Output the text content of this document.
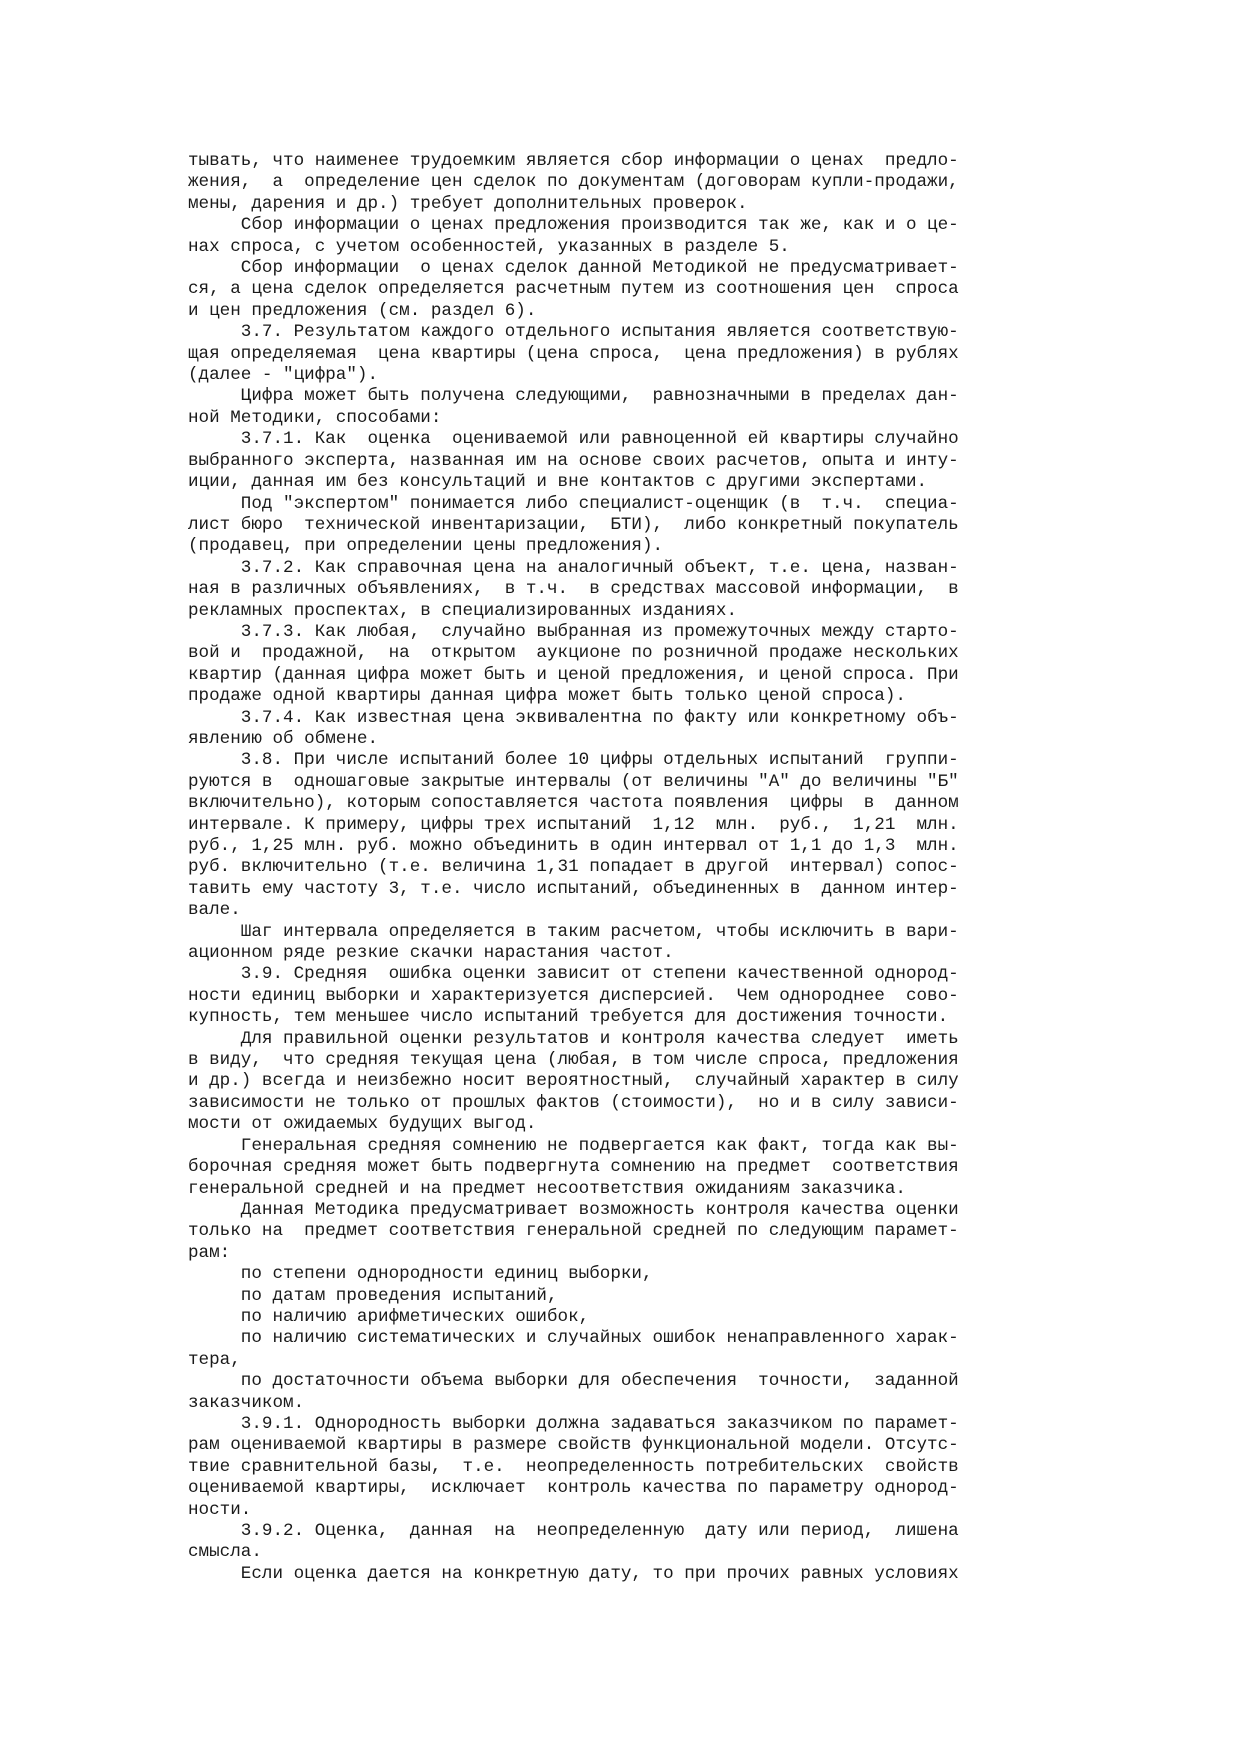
тывать, что наименее трудоемким является сбор информации о ценах  предло-
жения,  а  определение цен сделок по документам (договорам купли-продажи,
мены, дарения и др.) требует дополнительных проверок.
Сбор информации о ценах предложения производится так же, как и о це-
нах спроса, с учетом особенностей, указанных в разделе 5.
Сбор информации  о ценах сделок данной Методикой не предусматривает-
ся, а цена сделок определяется расчетным путем из соотношения цен  спроса
и цен предложения (см. раздел 6).
3.7. Результатом каждого отдельного испытания является соответствую-
щая определяемая  цена квартиры (цена спроса,  цена предложения) в рублях
(далее - "цифра").
Цифра может быть получена следующими,  равнозначными в пределах дан-
ной Методики, способами:
3.7.1. Как  оценка  оцениваемой или равноценной ей квартиры случайно
выбранного эксперта, названная им на основе своих расчетов, опыта и инту-
иции, данная им без консультаций и вне контактов с другими экспертами.
Под "экспертом" понимается либо специалист-оценщик (в  т.ч.  специа-
лист бюро  технической инвентаризации,  БТИ),  либо конкретный покупатель
(продавец, при определении цены предложения).
3.7.2. Как справочная цена на аналогичный объект, т.е. цена, назван-
ная в различных объявлениях,  в т.ч.  в средствах массовой информации,  в
рекламных проспектах, в специализированных изданиях.
3.7.3. Как любая,  случайно выбранная из промежуточных между старто-
вой и  продажной,  на  открытом  аукционе по розничной продаже нескольких
квартир (данная цифра может быть и ценой предложения, и ценой спроса. При
продаже одной квартиры данная цифра может быть только ценой спроса).
3.7.4. Как известная цена эквивалентна по факту или конкретному объ-
явлению об обмене.
3.8. При числе испытаний более 10 цифры отдельных испытаний  группи-
руются в  одношаговые закрытые интервалы (от величины "А" до величины "Б"
включительно), которым сопоставляется частота появления  цифры  в  данном
интервале. К примеру, цифры трех испытаний  1,12  млн.  руб.,  1,21  млн.
руб., 1,25 млн. руб. можно объединить в один интервал от 1,1 до 1,3  млн.
руб. включительно (т.е. величина 1,31 попадает в другой  интервал) сопос-
тавить ему частоту 3, т.е. число испытаний, объединенных в  данном интер-
вале.
Шаг интервала определяется в таким расчетом, чтобы исключить в вари-
ационном ряде резкие скачки нарастания частот.
3.9. Средняя  ошибка оценки зависит от степени качественной однород-
ности единиц выборки и характеризуется дисперсией.  Чем однороднее  сово-
купность, тем меньшее число испытаний требуется для достижения точности.
Для правильной оценки результатов и контроля качества следует  иметь
в виду,  что средняя текущая цена (любая, в том числе спроса, предложения
и др.) всегда и неизбежно носит вероятностный,  случайный характер в силу
зависимости не только от прошлых фактов (стоимости),  но и в силу зависи-
мости от ожидаемых будущих выгод.
Генеральная средняя сомнению не подвергается как факт, тогда как вы-
борочная средняя может быть подвергнута сомнению на предмет  соответствия
генеральной средней и на предмет несоответствия ожиданиям заказчика.
Данная Методика предусматривает возможность контроля качества оценки
только на  предмет соответствия генеральной средней по следующим парамет-
рам:
по степени однородности единиц выборки,
по датам проведения испытаний,
по наличию арифметических ошибок,
по наличию систематических и случайных ошибок ненаправленного харак-
тера,
по достаточности объема выборки для обеспечения  точности,  заданной
заказчиком.
3.9.1. Однородность выборки должна задаваться заказчиком по парамет-
рам оцениваемой квартиры в размере свойств функциональной модели. Отсутс-
твие сравнительной базы,  т.е.  неопределенность потребительских  свойств
оцениваемой квартиры,  исключает  контроль качества по параметру однород-
ности.
3.9.2. Оценка,  данная  на  неопределенную  дату или период,  лишена
смысла.
Если оценка дается на конкретную дату, то при прочих равных условиях
